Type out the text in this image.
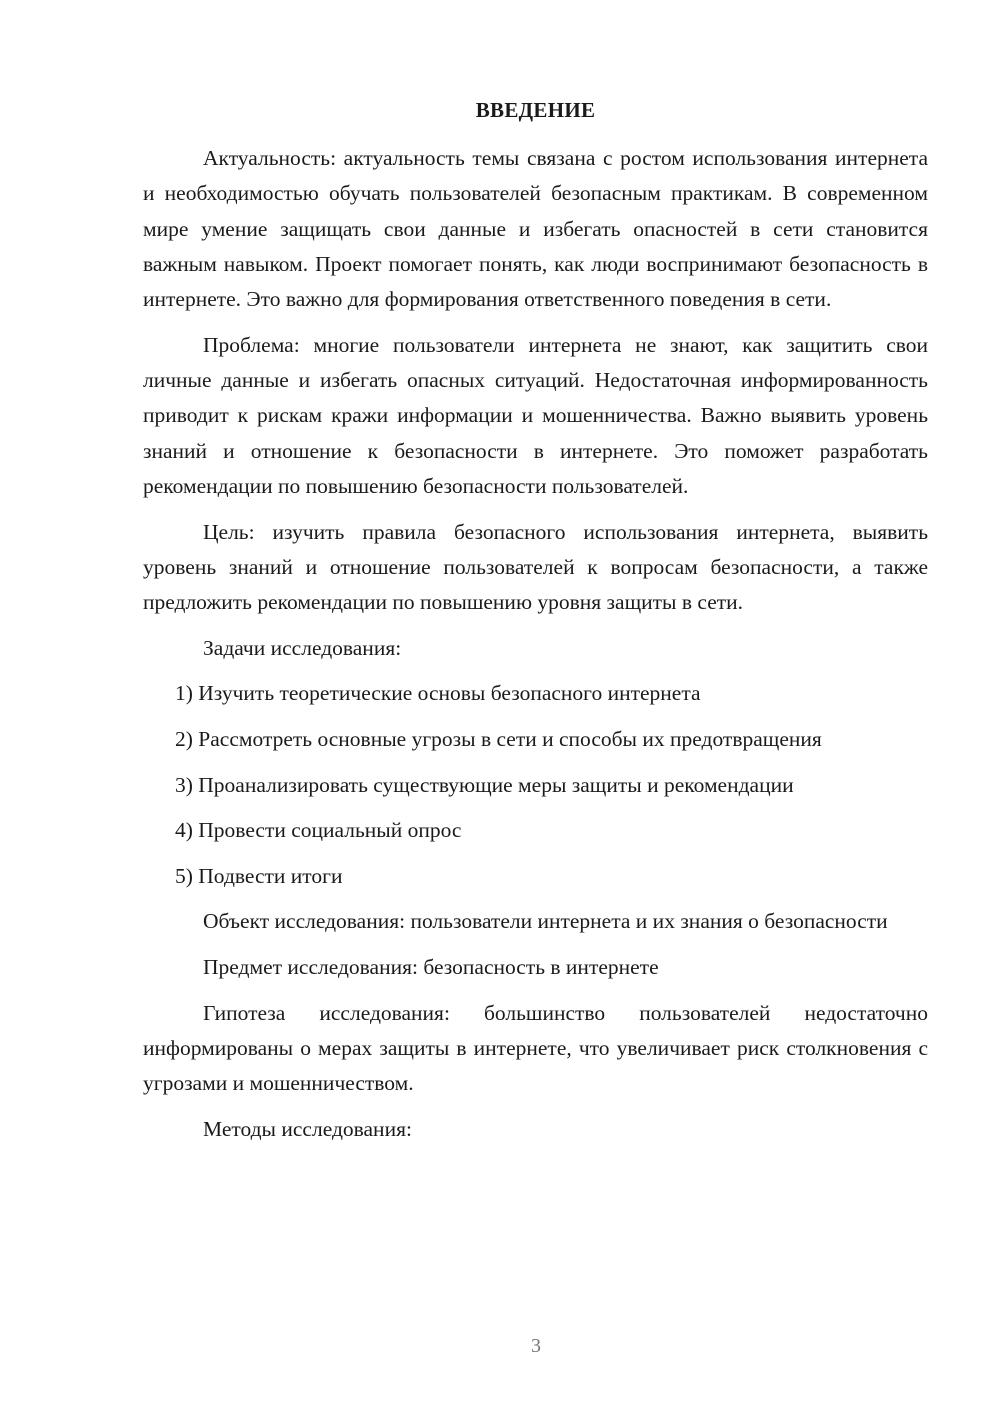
ВВЕДЕНИЕ

Актуальность: актуальность темы связана с ростом использования интернета и необходимостью обучать пользователей безопасным практикам. В современном мире умение защищать свои данные и избегать опасностей в сети становится важным навыком. Проект помогает понять, как люди воспринимают безопасность в интернете. Это важно для формирования ответственного поведения в сети.

Проблема: многие пользователи интернета не знают, как защитить свои личные данные и избегать опасных ситуаций. Недостаточная информированность приводит к рискам кражи информации и мошенничества. Важно выявить уровень знаний и отношение к безопасности в интернете. Это поможет разработать рекомендации по повышению безопасности пользователей.

Цель: изучить правила безопасного использования интернета, выявить уровень знаний и отношение пользователей к вопросам безопасности, а также предложить рекомендации по повышению уровня защиты в сети.

Задачи исследования:

1) Изучить теоретические основы безопасного интернета
2) Рассмотреть основные угрозы в сети и способы их предотвращения
3) Проанализировать существующие меры защиты и рекомендации
4) Провести социальный опрос
5) Подвести итоги

Объект исследования: пользователи интернета и их знания о безопасности

Предмет исследования: безопасность в интернете

Гипотеза исследования: большинство пользователей недостаточно информированы о мерах защиты в интернете, что увеличивает риск столкновения с угрозами и мошенничеством.

Методы исследования:

3
